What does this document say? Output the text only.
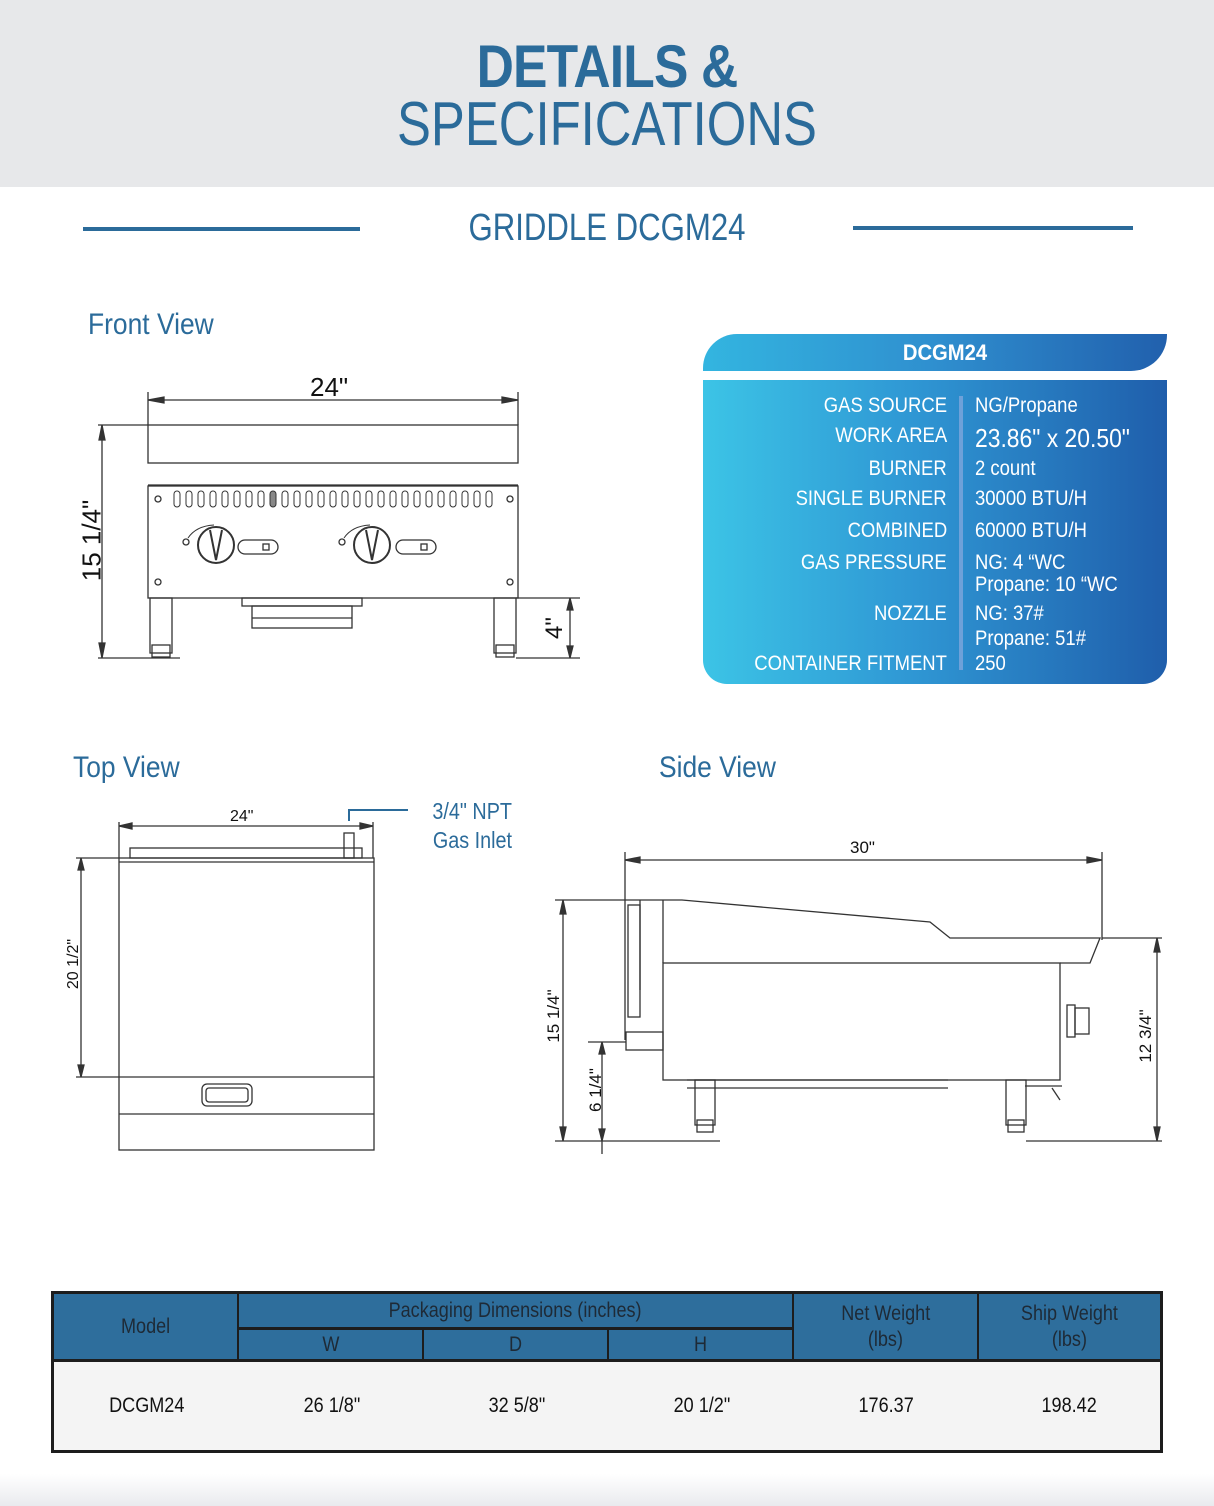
DETAILS &
SPECIFICATIONS
GRIDDLE DCGM24
Front View
24"
15 1/4"
4"
DCGM24
GAS SOURCE NG/Propane
WORK AREA 23.86" x 20.50"
BURNER 2 count
SINGLE BURNER 30000 BTU/H
COMBINED 60000 BTU/H
GAS PRESSURE NG: 4 “WC
Propane: 10 “WC
NOZZLE NG: 37#
Propane: 51#
CONTAINER FITMENT 250
Top View
24"
20 1/2"
3/4" NPT
Gas Inlet
Side View
30"
15 1/4"
6 1/4"
12 3/4"
Model
Packaging Dimensions (inches)
W	D	H
Net Weight
(lbs)
Ship Weight
(lbs)
DCGM24	26 1/8"	32 5/8"	20 1/2"	176.37	198.42
